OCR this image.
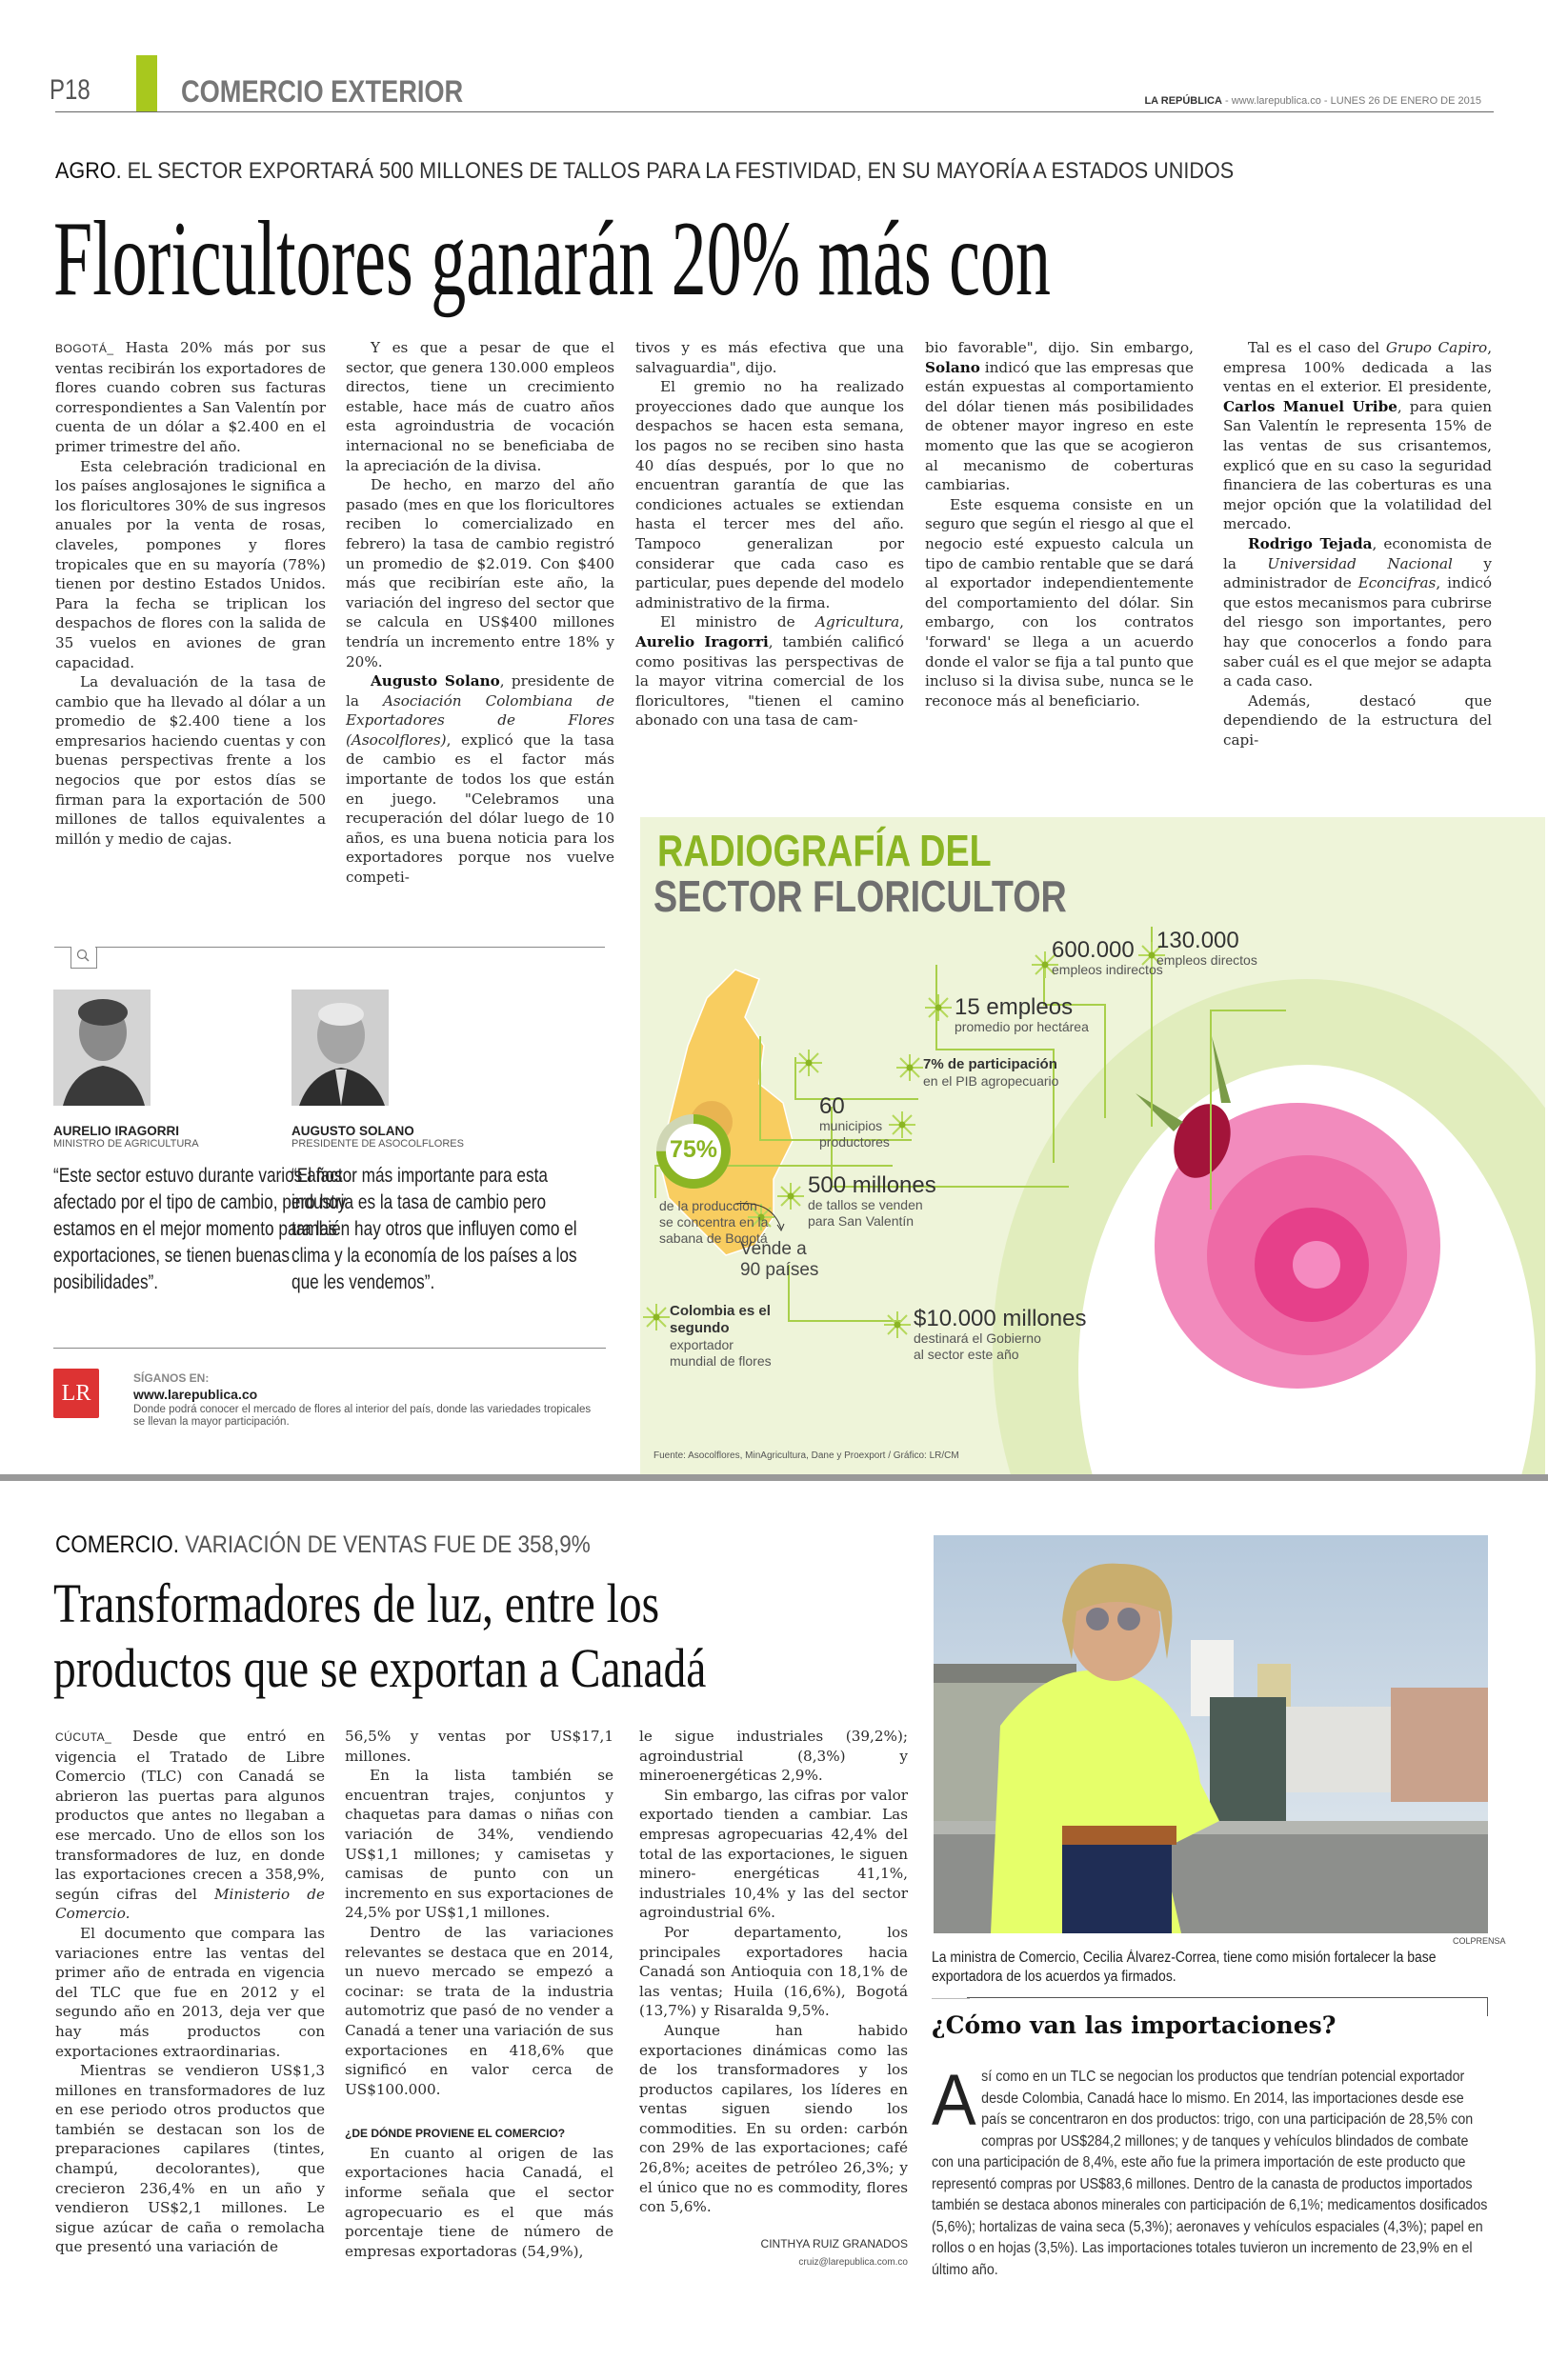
P18	COMERCIO EXTERIOR	LA REPÚBLICA - www.larepublica.co - LUNES 26 DE ENERO DE 2015
AGRO. EL SECTOR EXPORTARÁ 500 MILLONES DE TALLOS PARA LA FESTIVIDAD, EN SU MAYORÍA A ESTADOS UNIDOS
Floricultores ganarán 20% más con

BOGOTÁ_ Hasta 20% más por sus ventas recibirán los exportadores de flores cuando cobren sus facturas correspondientes a San Valentín por cuenta de un dólar a $2.400 en el primer trimestre del año.

Esta celebración tradicional en los países anglosajones le significa a los floricultores 30% de sus ingresos anuales por la venta de rosas, claveles, pompones y flores tropicales que en su mayoría (78%) tienen por destino Estados Unidos. Para la fecha se triplican los despachos de flores con la salida de 35 vuelos en aviones de gran capacidad.

La devaluación de la tasa de cambio que ha llevado al dólar a un promedio de $2.400 tiene a los empresarios haciendo cuentas y con buenas perspectivas frente a los negocios que por estos días se firman para la exportación de 500 millones de tallos equivalentes a millón y medio de cajas.

Y es que a pesar de que el sector, que genera 130.000 empleos directos, tiene un crecimiento estable, hace más de cuatro años esta agroindustria de vocación internacional no se beneficiaba de la apreciación de la divisa.

De hecho, en marzo del año pasado (mes en que los floricultores reciben lo comercializado en febrero) la tasa de cambio registró un promedio de $2.019. Con $400 más que recibirían este año, la variación del ingreso del sector que se calcula en US$400 millones tendría un incremento entre 18% y 20%.

Augusto Solano, presidente de la Asociación Colombiana de Exportadores de Flores (Asocolflores), explicó que la tasa de cambio es el factor más importante de todos los que están en juego. "Celebramos una recuperación del dólar luego de 10 años, es una buena noticia para los exportadores porque nos vuelve competi-

tivos y es más efectiva que una salvaguardia", dijo.

El gremio no ha realizado proyecciones dado que aunque los despachos se hacen esta semana, los pagos no se reciben sino hasta 40 días después, por lo que no encuentran garantía de que las condiciones actuales se extiendan hasta el tercer mes del año. Tampoco generalizan por considerar que cada caso es particular, pues depende del modelo administrativo de la firma.

El ministro de Agricultura, Aurelio Iragorri, también calificó como positivas las perspectivas de la mayor vitrina comercial de los floricultores, "tienen el camino abonado con una tasa de cam-

bio favorable", dijo. Sin embargo, Solano indicó que las empresas que están expuestas al comportamiento del dólar tienen más posibilidades de obtener mayor ingreso en este momento que las que se acogieron al mecanismo de coberturas cambiarias.

Este esquema consiste en un seguro que según el riesgo al que el negocio esté expuesto calcula un tipo de cambio rentable que se dará al exportador independientemente del comportamiento del dólar. Sin embargo, con los contratos 'forward' se llega a un acuerdo donde el valor se fija a tal punto que incluso si la divisa sube, nunca se le reconoce más al beneficiario.

Tal es el caso del Grupo Capiro, empresa 100% dedicada a las ventas en el exterior. El presidente, Carlos Manuel Uribe, para quien San Valentín le representa 15% de las ventas de sus crisantemos, explicó que en su caso la seguridad financiera de las coberturas es una mejor opción que la volatilidad del mercado.

Rodrigo Tejada, economista de la Universidad Nacional y administrador de Econcifras, indicó que estos mecanismos para cubrirse del riesgo son importantes, pero hay que conocerlos a fondo para saber cuál es el que mejor se adapta a cada caso.

Además, destacó que dependiendo de la estructura del capi-

AURELIO IRAGORRI
MINISTRO DE AGRICULTURA
“Este sector estuvo durante varios años afectado por el tipo de cambio, pero hoy estamos en el mejor momento para las exportaciones, se tienen buenas posibilidades”.
AUGUSTO SOLANO
PRESIDENTE DE ASOCOLFLORES
“El factor más importante para esta industria es la tasa de cambio pero también hay otros que influyen como el clima y la economía de los países a los que les vendemos”.
LR
SÍGANOS EN:
www.larepublica.co
Donde podrá conocer el mercado de flores al interior del país, donde las variedades tropicales se llevan la mayor participación.
RADIOGRAFÍA DEL
SECTOR FLORICULTOR
600.000
empleos indirectos
130.000
empleos directos
15 empleos
promedio por hectárea
7% de participación
en el PIB agropecuario
60
municipios
productores
500 millones
de tallos se venden
para San Valentín
75%
de la producción
se concentra en la
sabana de Bogotá
Colombia es el
segundo
exportador
mundial de flores
Vende a
90 países
$10.000 millones
destinará el Gobierno
al sector este año
Fuente: Asocolflores, MinAgricultura, Dane y Proexport / Gráfico: LR/CM
COMERCIO. VARIACIÓN DE VENTAS FUE DE 358,9%
Transformadores de luz, entre los
productos que se exportan a Canadá

CÚCUTA_ Desde que entró en vigencia el Tratado de Libre Comercio (TLC) con Canadá se abrieron las puertas para algunos productos que antes no llegaban a ese mercado. Uno de ellos son los transformadores de luz, en donde las exportaciones crecen a 358,9%, según cifras del Ministerio de Comercio.

El documento que compara las variaciones entre las ventas del primer año de entrada en vigencia del TLC que fue en 2012 y el segundo año en 2013, deja ver que hay más productos con exportaciones extraordinarias.

Mientras se vendieron US$1,3 millones en transformadores de luz en ese periodo otros productos que también se destacan son los de preparaciones capilares (tintes, champú, decolorantes), que crecieron 236,4% en un año y vendieron US$2,1 millones. Le sigue azúcar de caña o remolacha que presentó una variación de

56,5% y ventas por US$17,1 millones.

En la lista también se encuentran trajes, conjuntos y chaquetas para damas o niñas con variación de 34%, vendiendo US$1,1 millones; y camisetas y camisas de punto con un incremento en sus exportaciones de 24,5% por US$1,1 millones.

Dentro de las variaciones relevantes se destaca que en 2014, un nuevo mercado se empezó a cocinar: se trata de la industria automotriz que pasó de no vender a Canadá a tener una variación de sus exportaciones en 418,6% que significó en valor cerca de US$100.000.

¿DE DÓNDE PROVIENE EL COMERCIO?

En cuanto al origen de las exportaciones hacia Canadá, el informe señala que el sector agropecuario es el que más porcentaje tiene de número de empresas exportadoras (54,9%),

le sigue industriales (39,2%); agroindustrial (8,3%) y mineroenergéticas 2,9%.

Sin embargo, las cifras por valor exportado tienden a cambiar. Las empresas agropecuarias 42,4% del total de las exportaciones, le siguen minero- energéticas 41,1%, industriales 10,4% y las del sector agroindustrial 6%.

Por departamento, los principales exportadores hacia Canadá son Antioquia con 18,1% de las ventas; Huila (16,6%), Bogotá (13,7%) y Risaralda 9,5%.

Aunque han habido exportaciones dinámicas como las de los transformadores y los productos capilares, los líderes en ventas siguen siendo los commodities. En su orden: carbón con 29% de las exportaciones; café 26,8%; aceites de petróleo 26,3%; y el único que no es commodity, flores con 5,6%.

CINTHYA RUIZ GRANADOS
cruiz@larepublica.com.co
COLPRENSA
La ministra de Comercio, Cecilia Álvarez-Correa, tiene como misión fortalecer la base exportadora de los acuerdos ya firmados.
¿Cómo van las importaciones?
Así como en un TLC se negocian los productos que tendrían potencial exportador desde Colombia, Canadá hace lo mismo. En 2014, las importaciones desde ese país se concentraron en dos productos: trigo, con una participación de 28,5% con compras por US$284,2 millones; y de tanques y vehículos blindados de combate con una participación de 8,4%, este año fue la primera importación de este producto que representó compras por US$83,6 millones. Dentro de la canasta de productos importados también se destaca abonos minerales con participación de 6,1%; medicamentos dosificados (5,6%); hortalizas de vaina seca (5,3%); aeronaves y vehículos espaciales (4,3%); papel en rollos o en hojas (3,5%). Las importaciones totales tuvieron un incremento de 23,9% en el último año.
